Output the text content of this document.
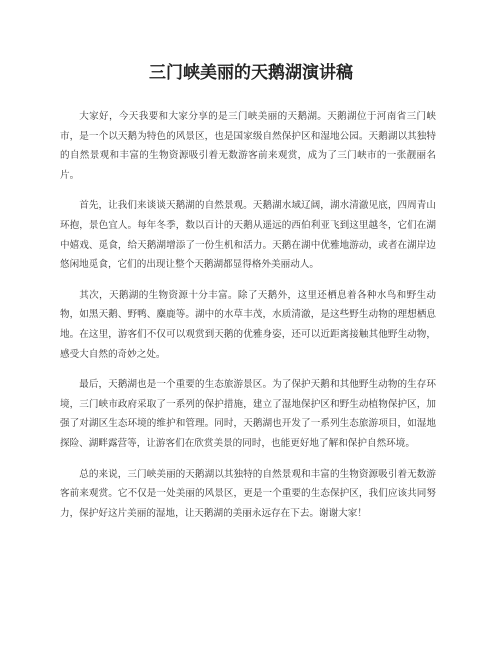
三门峡美丽的天鹅湖演讲稿

大家好，今天我要和大家分享的是三门峡美丽的天鹅湖。天鹅湖位于河南省三门峡市，是一个以天鹅为特色的风景区，也是国家级自然保护区和湿地公园。天鹅湖以其独特的自然景观和丰富的生物资源吸引着无数游客前来观赏，成为了三门峡市的一张靓丽名片。

首先，让我们来谈谈天鹅湖的自然景观。天鹅湖水域辽阔，湖水清澈见底，四周青山环抱，景色宜人。每年冬季，数以百计的天鹅从遥远的西伯利亚飞到这里越冬，它们在湖中嬉戏、觅食，给天鹅湖增添了一份生机和活力。天鹅在湖中优雅地游动，或者在湖岸边悠闲地觅食，它们的出现让整个天鹅湖都显得格外美丽动人。

其次，天鹅湖的生物资源十分丰富。除了天鹅外，这里还栖息着各种水鸟和野生动物，如黑天鹅、野鸭、麋鹿等。湖中的水草丰茂，水质清澈，是这些野生动物的理想栖息地。在这里，游客们不仅可以观赏到天鹅的优雅身姿，还可以近距离接触其他野生动物，感受大自然的奇妙之处。

最后，天鹅湖也是一个重要的生态旅游景区。为了保护天鹅和其他野生动物的生存环境，三门峡市政府采取了一系列的保护措施，建立了湿地保护区和野生动植物保护区，加强了对湖区生态环境的维护和管理。同时，天鹅湖也开发了一系列生态旅游项目，如湿地探险、湖畔露营等，让游客们在欣赏美景的同时，也能更好地了解和保护自然环境。

总的来说，三门峡美丽的天鹅湖以其独特的自然景观和丰富的生物资源吸引着无数游客前来观赏。它不仅是一处美丽的风景区，更是一个重要的生态保护区，我们应该共同努力，保护好这片美丽的湿地，让天鹅湖的美丽永远存在下去。谢谢大家！
